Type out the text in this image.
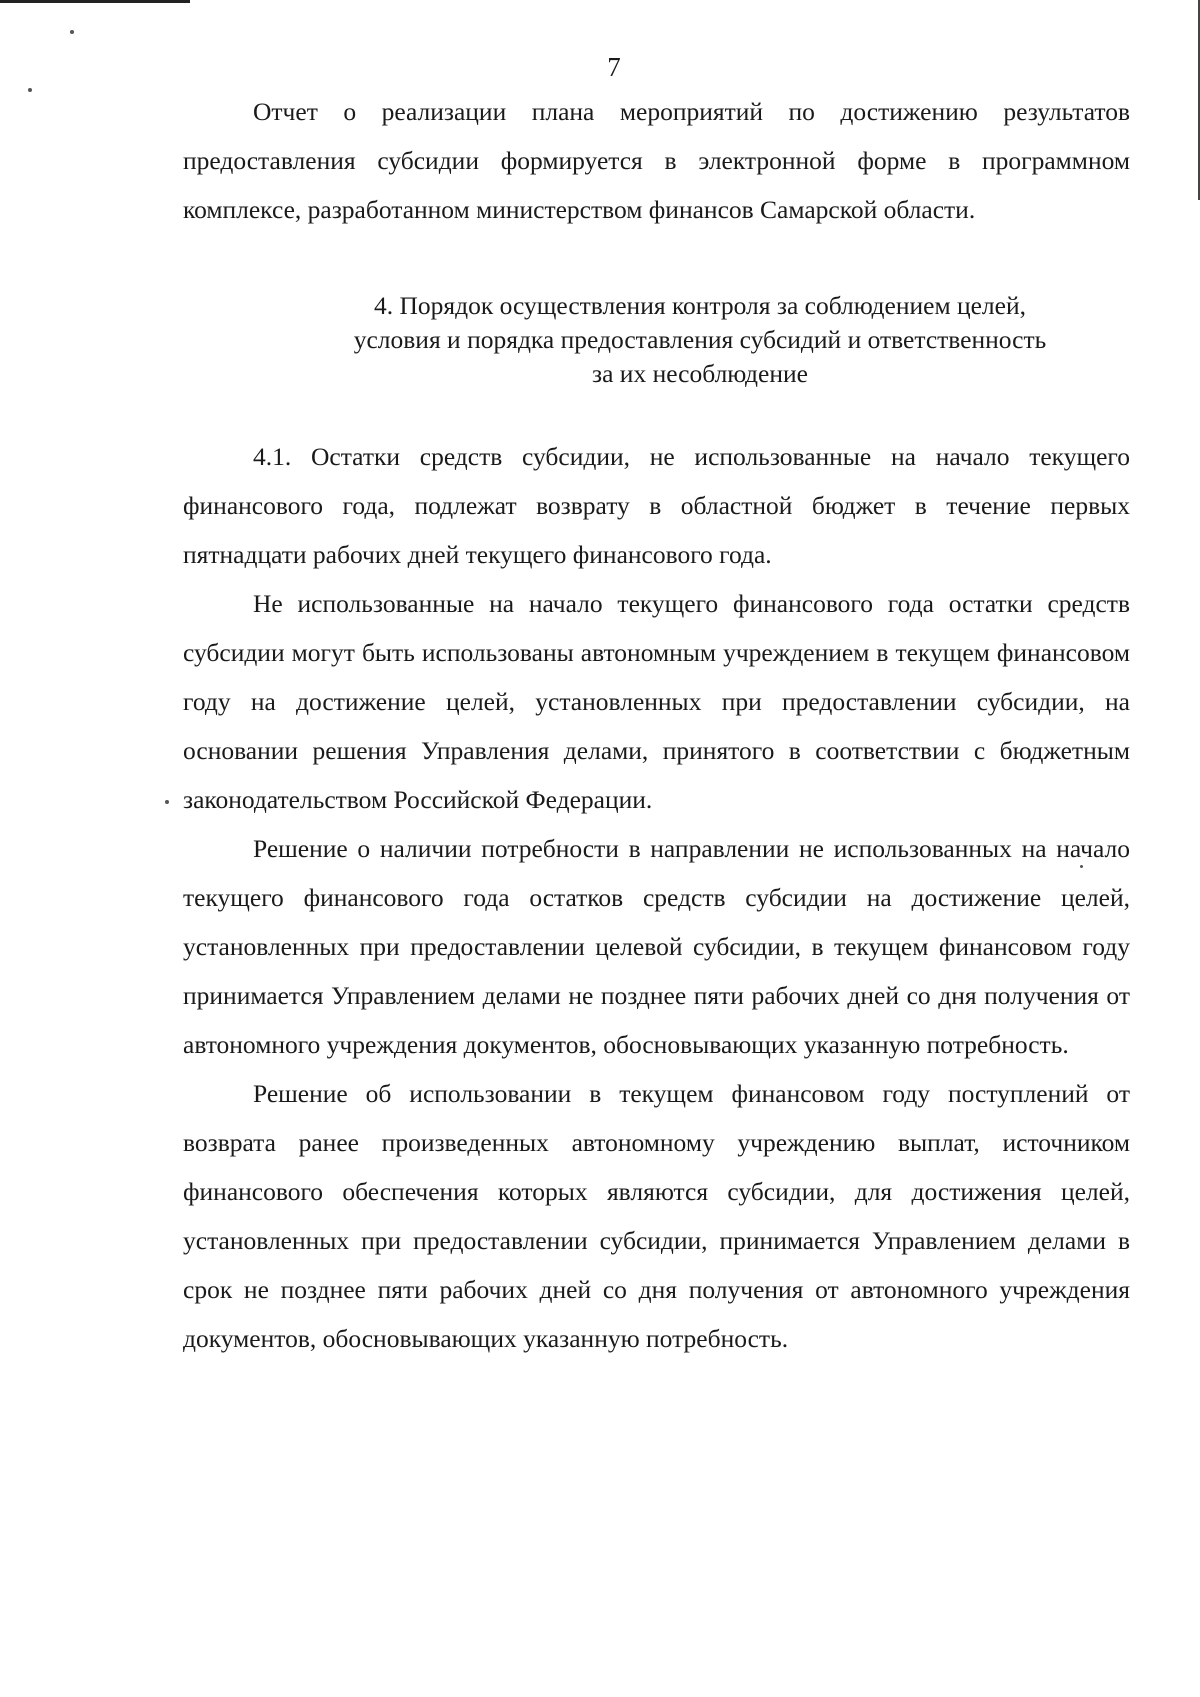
7

Отчет о реализации плана мероприятий по достижению результатов предоставления субсидии формируется в электронной форме в программном комплексе, разработанном министерством финансов Самарской области.

4. Порядок осуществления контроля за соблюдением целей,
условия и порядка предоставления субсидий и ответственность
за их несоблюдение

4.1. Остатки средств субсидии, не использованные на начало текущего финансового года, подлежат возврату в областной бюджет в течение первых пятнадцати рабочих дней текущего финансового года.

Не использованные на начало текущего финансового года остатки средств субсидии могут быть использованы автономным учреждением в текущем финансовом году на достижение целей, установленных при предоставлении субсидии, на основании решения Управления делами, принятого в соответствии с бюджетным законодательством Российской Федерации.

Решение о наличии потребности в направлении не использованных на начало текущего финансового года остатков средств субсидии на достижение целей, установленных при предоставлении целевой субсидии, в текущем финансовом году принимается Управлением делами не позднее пяти рабочих дней со дня получения от автономного учреждения документов, обосновывающих указанную потребность.

Решение об использовании в текущем финансовом году поступлений от возврата ранее произведенных автономному учреждению выплат, источником финансового обеспечения которых являются субсидии, для достижения целей, установленных при предоставлении субсидии, принимается Управлением делами в срок не позднее пяти рабочих дней со дня получения от автономного учреждения документов, обосновывающих указанную потребность.
